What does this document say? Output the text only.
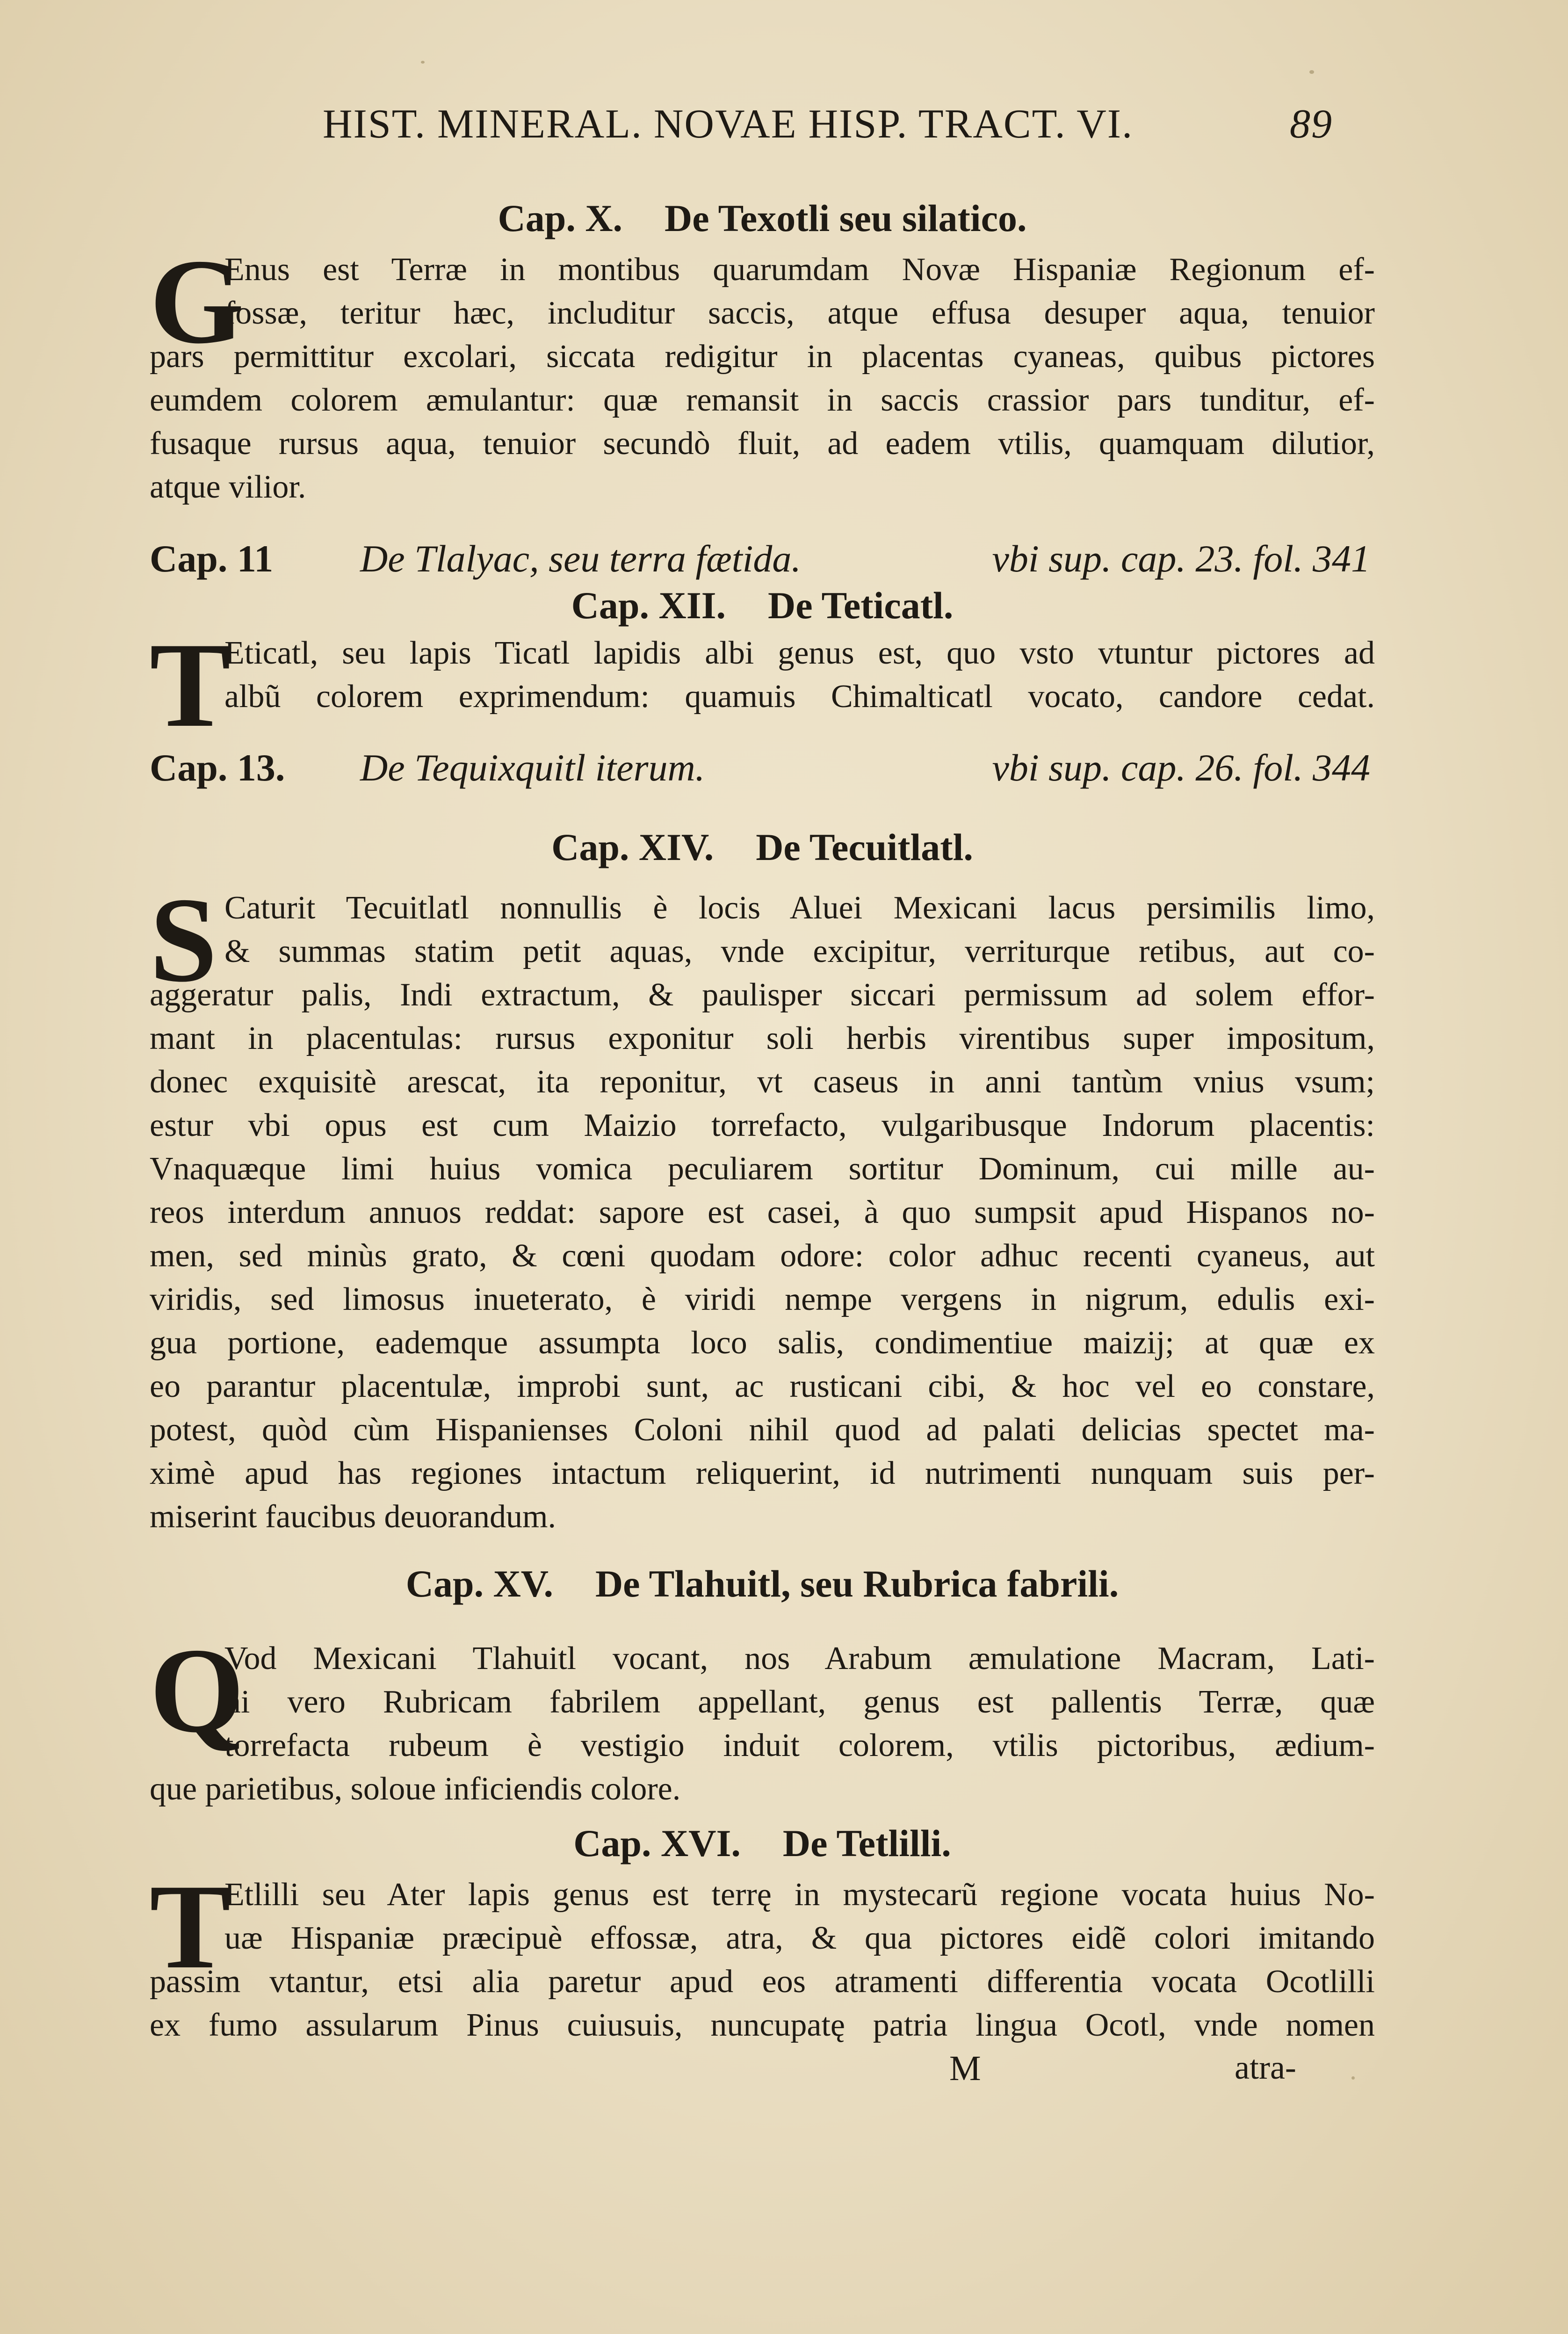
HIST. MINERAL. NOVAE HISP. TRACT. VI.	89
Cap. X. De Texotli seu silatico.
G
Enus est Terræ in montibus quarumdam Novæ Hispaniæ Regionum ef-
fossæ, teritur hæc, includitur saccis, atque effusa desuper aqua, tenuior
pars permittitur excolari, siccata redigitur in placentas cyaneas, quibus pictores
eumdem colorem æmulantur: quæ remansit in saccis crassior pars tunditur, ef-
fusaque rursus aqua, tenuior secundò fluit, ad eadem vtilis, quamquam dilutior,
atque vilior.
Cap. 11 De Tlalyac, seu terra fætida.	vbi sup. cap. 23. fol. 341
Cap. XII. De Teticatl.
T
Eticatl, seu lapis Ticatl lapidis albi genus est, quo vsto vtuntur pictores ad
albũ colorem exprimendum: quamuis Chimalticatl vocato, candore cedat.
Cap. 13. De Tequixquitl iterum.	vbi sup. cap. 26. fol. 344
Cap. XIV. De Tecuitlatl.
S Caturit Tecuitlatl nonnullis è locis Aluei Mexicani lacus persimilis limo,
& summas statim petit aquas, vnde excipitur, verriturque retibus, aut co-
aggeratur palis, Indi extractum, & paulisper siccari permissum ad solem effor-
mant in placentulas: rursus exponitur soli herbis virentibus super impositum,
donec exquisitè arescat, ita reponitur, vt caseus in anni tantùm vnius vsum;
estur vbi opus est cum Maizio torrefacto, vulgaribusque Indorum placentis:
Vnaquæque limi huius vomica peculiarem sortitur Dominum, cui mille au-
reos interdum annuos reddat: sapore est casei, à quo sumpsit apud Hispanos no-
men, sed minùs grato, & cœni quodam odore: color adhuc recenti cyaneus, aut
viridis, sed limosus inueterato, è viridi nempe vergens in nigrum, edulis exi-
gua portione, eademque assumpta loco salis, condimentiue maizij; at quæ ex
eo parantur placentulæ, improbi sunt, ac rusticani cibi, & hoc vel eo constare,
potest, quòd cùm Hispanienses Coloni nihil quod ad palati delicias spectet ma-
ximè apud has regiones intactum reliquerint, id nutrimenti nunquam suis per-
miserint faucibus deuorandum.
Cap. XV. De Tlahuitl, seu Rubrica fabrili.
Q
Vod Mexicani Tlahuitl vocant, nos Arabum æmulatione Macram, Lati-
ni vero Rubricam fabrilem appellant, genus est pallentis Terræ, quæ
torrefacta rubeum è vestigio induit colorem, vtilis pictoribus, ædium-
que parietibus, soloue inficiendis colore.
Cap. XVI. De Tetlilli.
T
Etlilli seu Ater lapis genus est terrę in mystecarũ regione vocata huius No-
uæ Hispaniæ præcipuè effossæ, atra, & qua pictores eidẽ colori imitando
passim vtantur, etsi alia paretur apud eos atramenti differentia vocata Ocotlilli
ex fumo assularum Pinus cuiusuis, nuncupatę patria lingua Ocotl, vnde nomen
M	atra-
